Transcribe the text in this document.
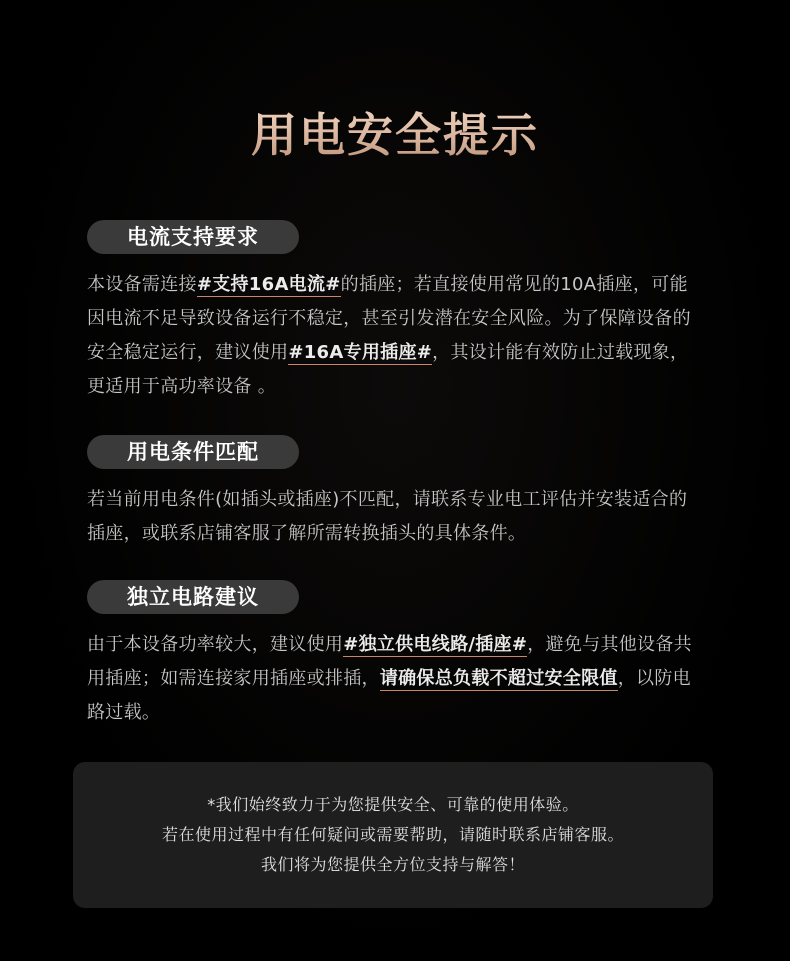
用电安全提示
电流支持要求
本设备需连接#支持16A电流#的插座；若直接使用常见的10A插座，可能因电流不足导致设备运行不稳定，甚至引发潜在安全风险。为了保障设备的安全稳定运行，建议使用#16A专用插座#，其设计能有效防止过载现象，更适用于高功率设备 。
用电条件匹配
若当前用电条件(如插头或插座)不匹配，请联系专业电工评估并安装适合的插座，或联系店铺客服了解所需转换插头的具体条件。
独立电路建议
由于本设备功率较大，建议使用#独立供电线路/插座#，避免与其他设备共用插座；如需连接家用插座或排插，请确保总负载不超过安全限值，以防电路过载。
*我们始终致力于为您提供安全、可靠的使用体验。
若在使用过程中有任何疑问或需要帮助，请随时联系店铺客服。
我们将为您提供全方位支持与解答！
